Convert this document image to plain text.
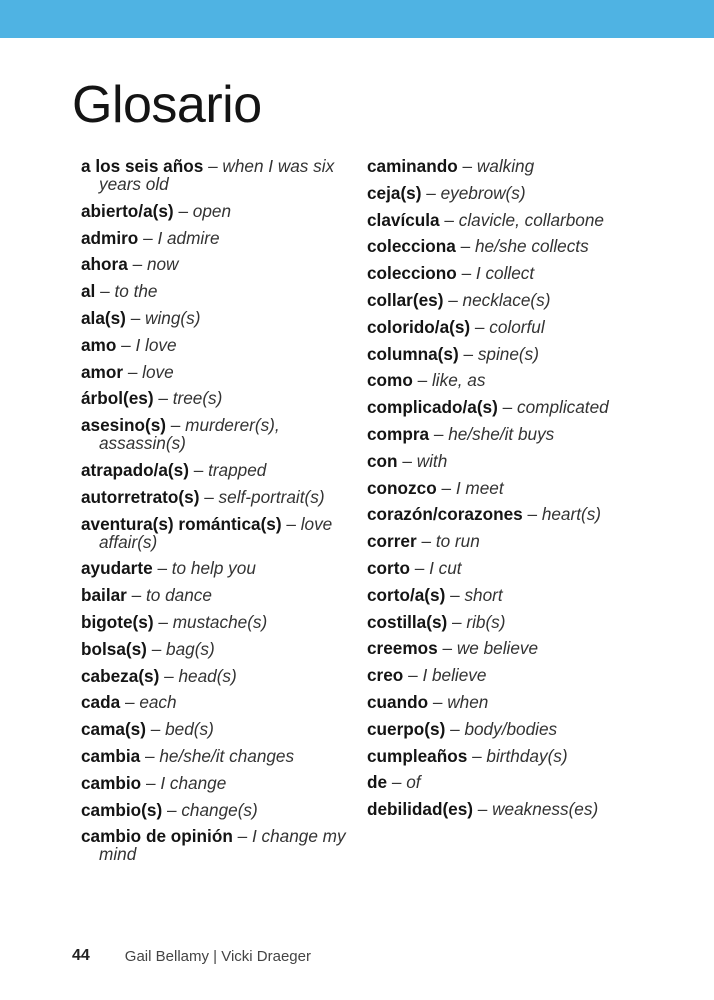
Glosario
a los seis años – when I was six years old
abierto/a(s) – open
admiro – I admire
ahora – now
al – to the
ala(s) – wing(s)
amo – I love
amor – love
árbol(es) – tree(s)
asesino(s) – murderer(s), assassin(s)
atrapado/a(s) – trapped
autorretrato(s) – self-portrait(s)
aventura(s) romántica(s) – love affair(s)
ayudarte – to help you
bailar – to dance
bigote(s) – mustache(s)
bolsa(s) – bag(s)
cabeza(s) – head(s)
cada – each
cama(s) – bed(s)
cambia – he/she/it changes
cambio – I change
cambio(s) – change(s)
cambio de opinión – I change my mind
caminando – walking
ceja(s) – eyebrow(s)
clavícula – clavicle, collarbone
colecciona – he/she collects
colecciono – I collect
collar(es) – necklace(s)
colorido/a(s) – colorful
columna(s) – spine(s)
como – like, as
complicado/a(s) – complicated
compra – he/she/it buys
con – with
conozco – I meet
corazón/corazones – heart(s)
correr – to run
corto – I cut
corto/a(s) – short
costilla(s) – rib(s)
creemos – we believe
creo – I believe
cuando – when
cuerpo(s) – body/bodies
cumpleaños – birthday(s)
de – of
debilidad(es) – weakness(es)
44 Gail Bellamy | Vicki Draeger
